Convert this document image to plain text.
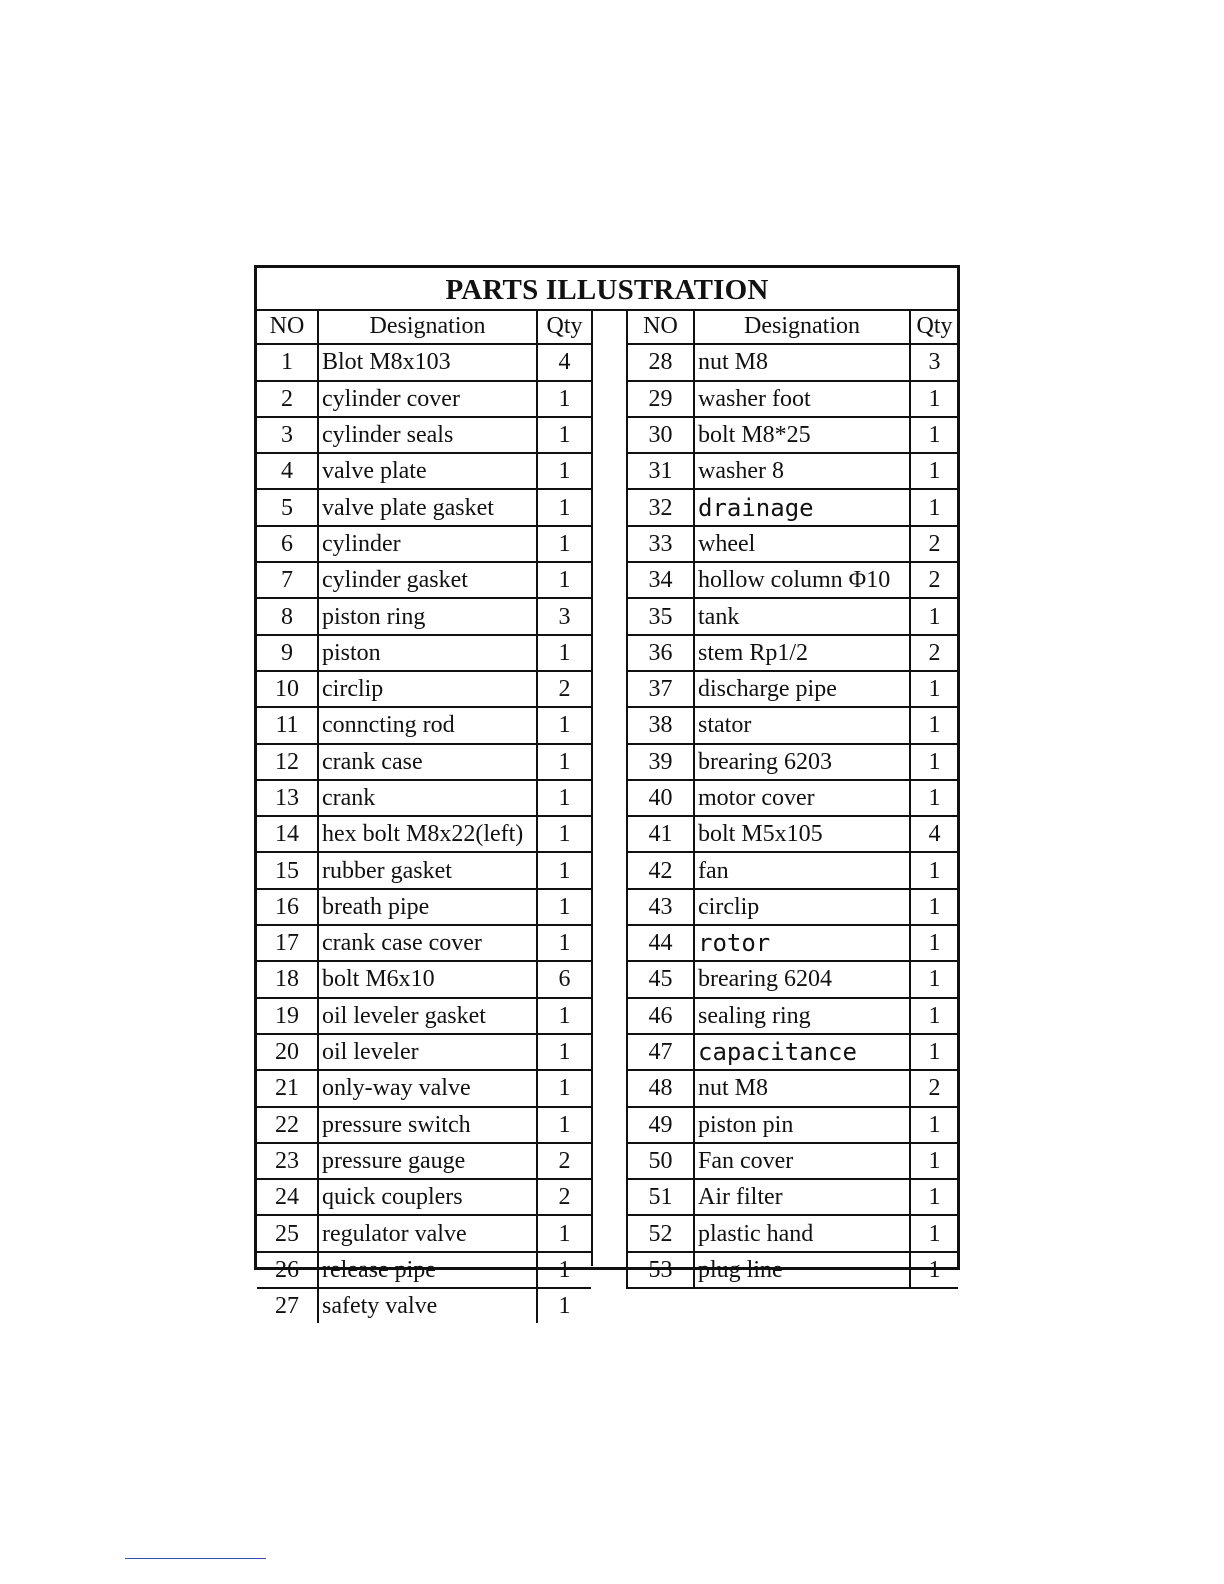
PARTS ILLUSTRATION
NO	Designation	Qty
1	Blot M8x103	4
2	cylinder cover	1
3	cylinder seals	1
4	valve plate	1
5	valve plate gasket	1
6	cylinder	1
7	cylinder gasket	1
8	piston ring	3
9	piston	1
10	circlip	2
11	conncting rod	1
12	crank case	1
13	crank	1
14	hex bolt M8x22(left)	1
15	rubber gasket	1
16	breath pipe	1
17	crank case cover	1
18	bolt M6x10	6
19	oil leveler gasket	1
20	oil leveler	1
21	only-way valve	1
22	pressure switch	1
23	pressure gauge	2
24	quick couplers	2
25	regulator valve	1
26	release pipe	1
27	safety valve	1
NO	Designation	Qty
28	nut M8	3
29	washer foot	1
30	bolt M8*25	1
31	washer 8	1
32	drainage	1
33	wheel	2
34	hollow column Φ10	2
35	tank	1
36	stem Rp1/2	2
37	discharge pipe	1
38	stator	1
39	brearing 6203	1
40	motor cover	1
41	bolt M5x105	4
42	fan	1
43	circlip	1
44	rotor	1
45	brearing 6204	1
46	sealing ring	1
47	capacitance	1
48	nut M8	2
49	piston pin	1
50	Fan cover	1
51	Air filter	1
52	plastic hand	1
53	plug line	1
